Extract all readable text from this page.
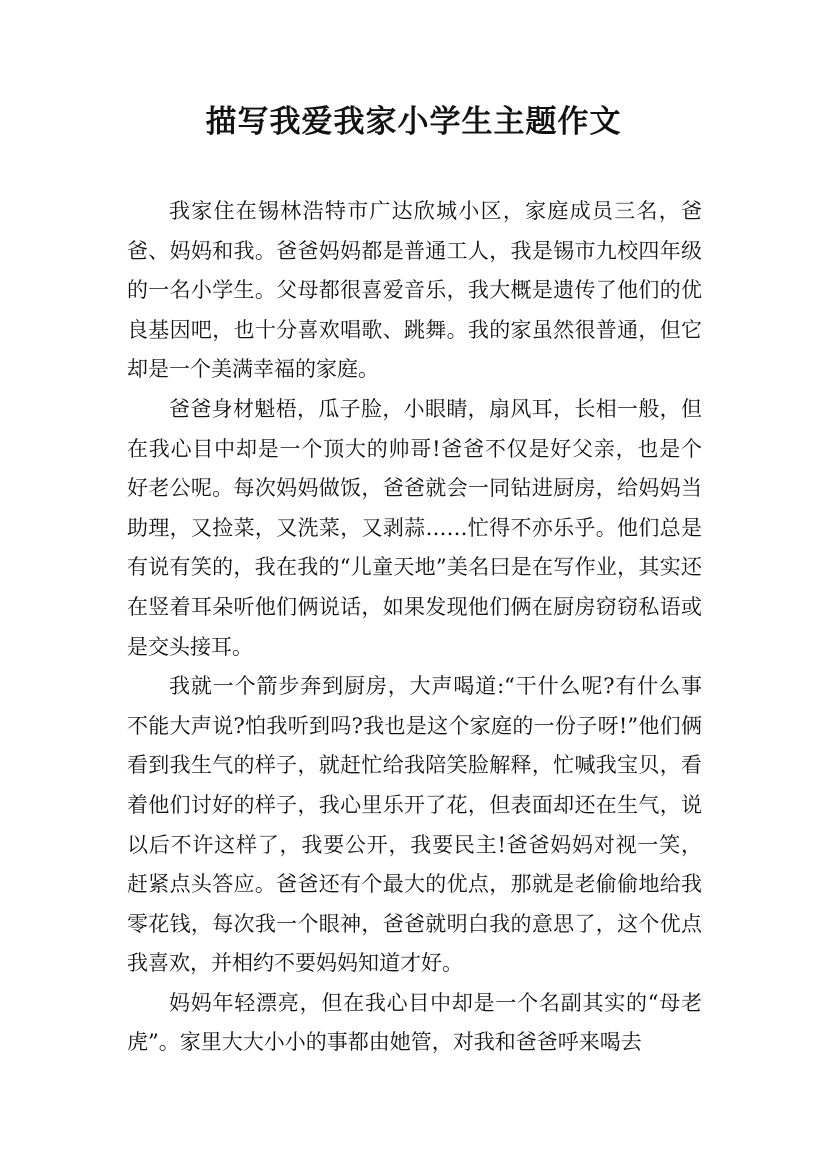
描写我爱我家小学生主题作文

我家住在锡林浩特市广达欣城小区，家庭成员三名，爸爸、妈妈和我。爸爸妈妈都是普通工人，我是锡市九校四年级的一名小学生。父母都很喜爱音乐，我大概是遗传了他们的优良基因吧，也十分喜欢唱歌、跳舞。我的家虽然很普通，但它却是一个美满幸福的家庭。

爸爸身材魁梧，瓜子脸，小眼睛，扇风耳，长相一般，但在我心目中却是一个顶大的帅哥!爸爸不仅是好父亲，也是个好老公呢。每次妈妈做饭，爸爸就会一同钻进厨房，给妈妈当助理，又捡菜，又洗菜，又剥蒜……忙得不亦乐乎。他们总是有说有笑的，我在我的“儿童天地”美名曰是在写作业，其实还在竖着耳朵听他们俩说话，如果发现他们俩在厨房窃窃私语或是交头接耳。

我就一个箭步奔到厨房，大声喝道:“干什么呢?有什么事不能大声说?怕我听到吗?我也是这个家庭的一份子呀!”他们俩看到我生气的样子，就赶忙给我陪笑脸解释，忙喊我宝贝，看着他们讨好的样子，我心里乐开了花，但表面却还在生气，说以后不许这样了，我要公开，我要民主!爸爸妈妈对视一笑，赶紧点头答应。爸爸还有个最大的优点，那就是老偷偷地给我零花钱，每次我一个眼神，爸爸就明白我的意思了，这个优点我喜欢，并相约不要妈妈知道才好。

妈妈年轻漂亮，但在我心目中却是一个名副其实的“母老虎”。家里大大小小的事都由她管，对我和爸爸呼来喝去
